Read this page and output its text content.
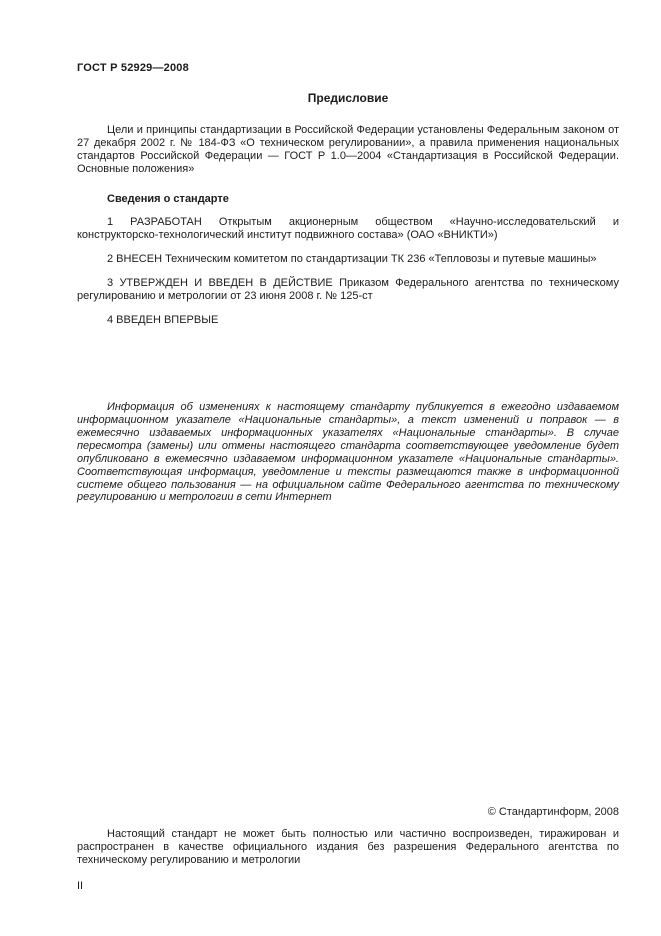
ГОСТ Р 52929—2008
Предисловие

Цели и принципы стандартизации в Российской Федерации установлены Федеральным законом от 27 декабря 2002 г. № 184-ФЗ «О техническом регулировании», а правила применения национальных стандартов Российской Федерации — ГОСТ Р 1.0—2004 «Стандартизация в Российской Федерации. Основные положения»

Сведения о стандарте

1 РАЗРАБОТАН Открытым акционерным обществом «Научно-исследовательский и конструкторско-технологический институт подвижного состава» (ОАО «ВНИКТИ»)

2 ВНЕСЕН Техническим комитетом по стандартизации ТК 236 «Тепловозы и путевые машины»

3 УТВЕРЖДЕН И ВВЕДЕН В ДЕЙСТВИЕ Приказом Федерального агентства по техническому регулированию и метрологии от 23 июня 2008 г. № 125-ст

4 ВВЕДЕН ВПЕРВЫЕ

Информация об изменениях к настоящему стандарту публикуется в ежегодно издаваемом информационном указателе «Национальные стандарты», а текст изменений и поправок — в ежемесячно издаваемых информационных указателях «Национальные стандарты». В случае пересмотра (замены) или отмены настоящего стандарта соответствующее уведомление будет опубликовано в ежемесячно издаваемом информационном указателе «Национальные стандарты». Соответствующая информация, уведомление и тексты размещаются также в информационной системе общего пользования — на официальном сайте Федерального агентства по техническому регулированию и метрологии в сети Интернет

© Стандартинформ, 2008

Настоящий стандарт не может быть полностью или частично воспроизведен, тиражирован и распространен в качестве официального издания без разрешения Федерального агентства по техническому регулированию и метрологии

II
